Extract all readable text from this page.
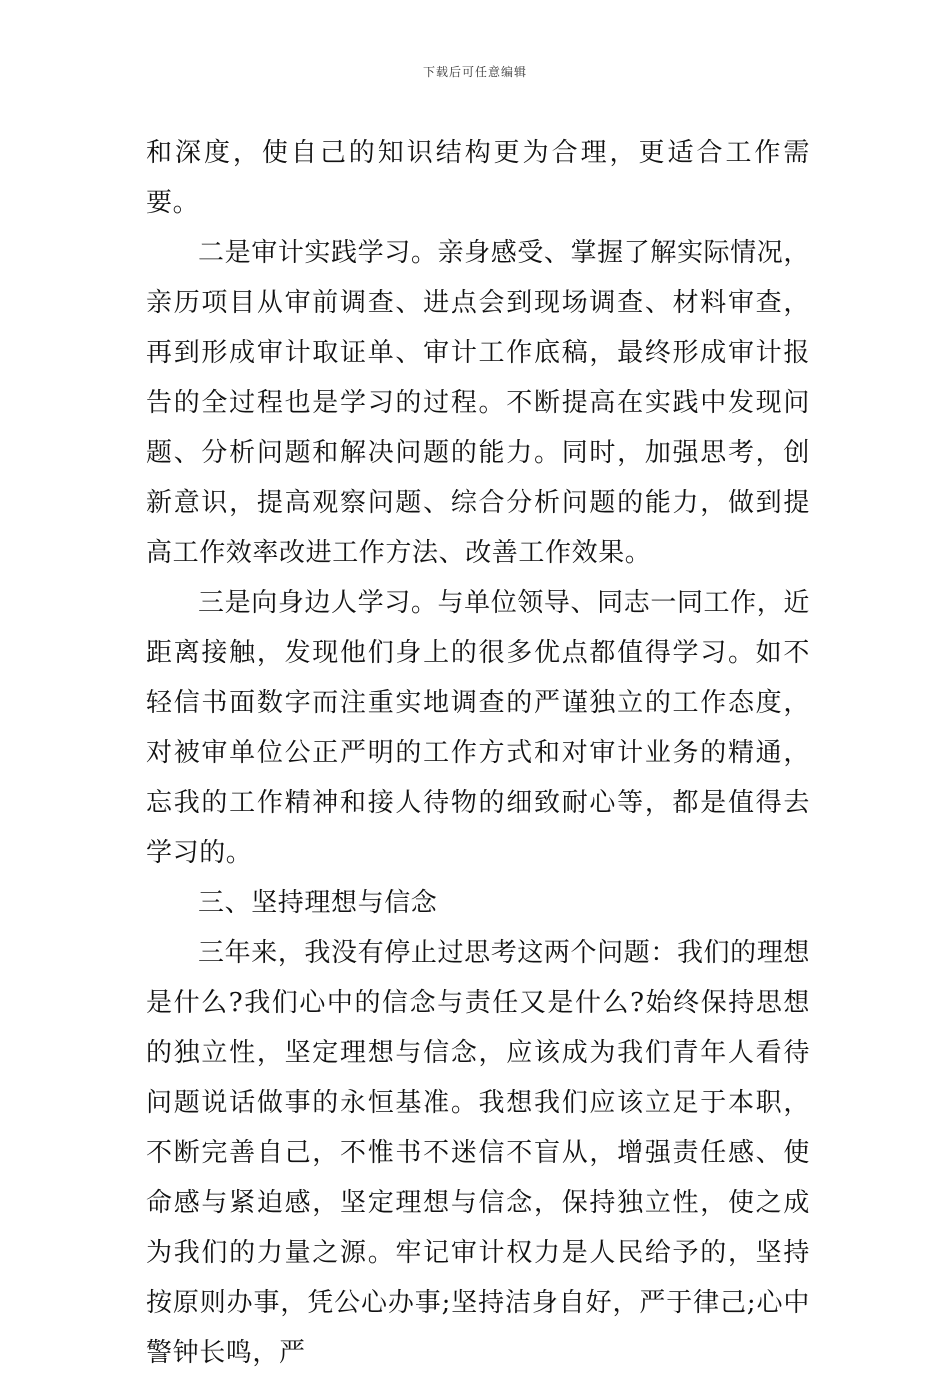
下载后可任意编辑

和深度，使自己的知识结构更为合理，更适合工作需要。

二是审计实践学习。亲身感受、掌握了解实际情况，亲历项目从审前调查、进点会到现场调查、材料审查，再到形成审计取证单、审计工作底稿，最终形成审计报告的全过程也是学习的过程。不断提高在实践中发现问题、分析问题和解决问题的能力。同时，加强思考，创新意识，提高观察问题、综合分析问题的能力，做到提高工作效率改进工作方法、改善工作效果。

三是向身边人学习。与单位领导、同志一同工作，近距离接触，发现他们身上的很多优点都值得学习。如不轻信书面数字而注重实地调查的严谨独立的工作态度，对被审单位公正严明的工作方式和对审计业务的精通，忘我的工作精神和接人待物的细致耐心等，都是值得去学习的。

三、坚持理想与信念

三年来，我没有停止过思考这两个问题：我们的理想是什么?我们心中的信念与责任又是什么?始终保持思想的独立性，坚定理想与信念，应该成为我们青年人看待问题说话做事的永恒基准。我想我们应该立足于本职，不断完善自己，不惟书不迷信不盲从，增强责任感、使命感与紧迫感，坚定理想与信念，保持独立性，使之成为我们的力量之源。牢记审计权力是人民给予的，坚持按原则办事，凭公心办事;坚持洁身自好，严于律己;心中警钟长鸣，严
